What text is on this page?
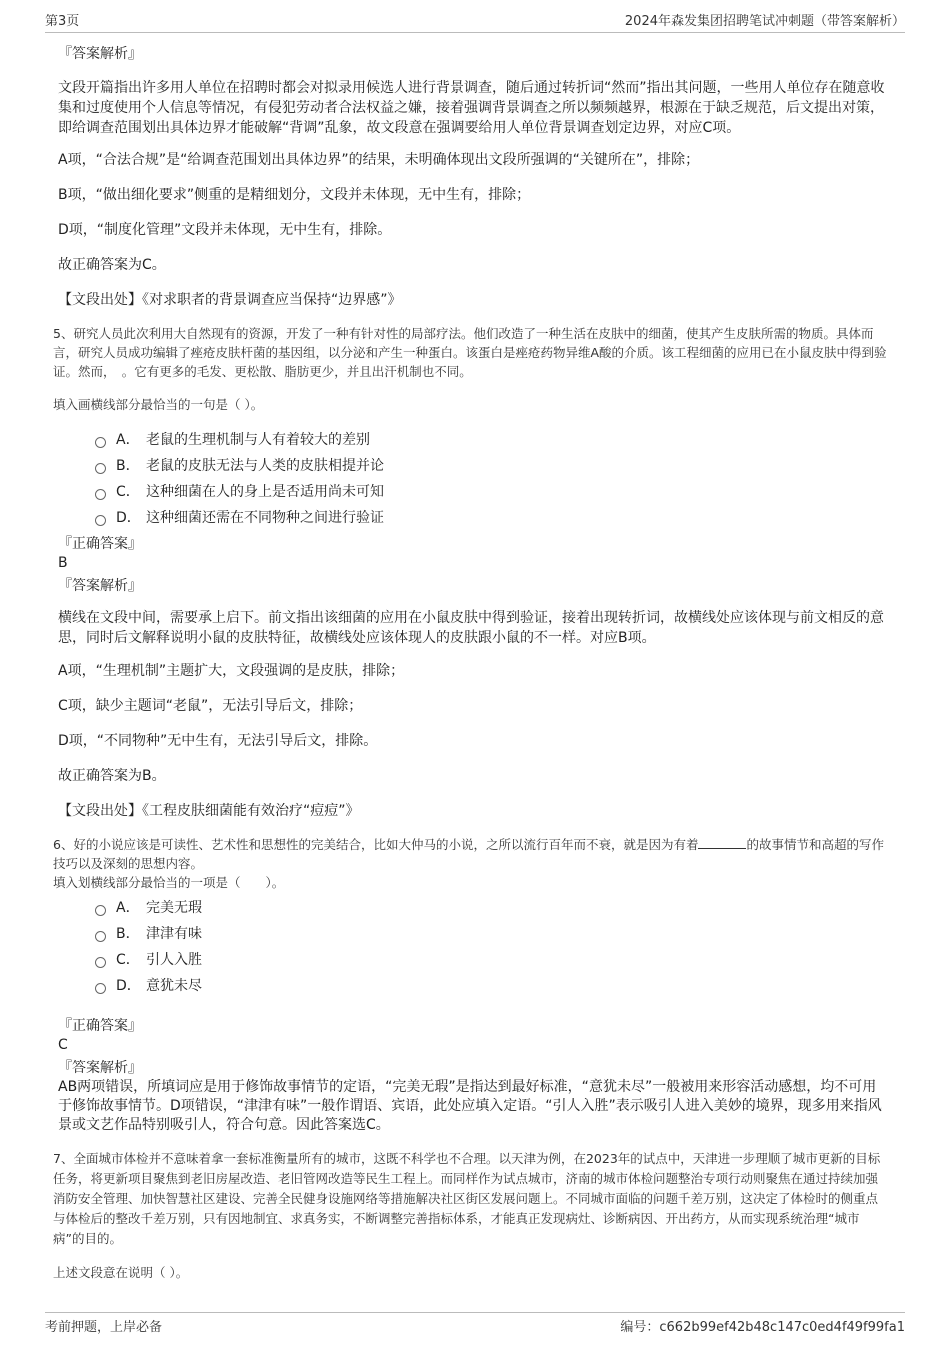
第3页	2024年森发集团招聘笔试冲刺题（带答案解析）
『答案解析』
文段开篇指出许多用人单位在招聘时都会对拟录用候选人进行背景调查，随后通过转折词“然而”指出其问题，一些用人单位存在随意收集和过度使用个人信息等情况，有侵犯劳动者合法权益之嫌，接着强调背景调查之所以频频越界，根源在于缺乏规范，后文提出对策，即给调查范围划出具体边界才能破解“背调”乱象，故文段意在强调要给用人单位背景调查划定边界，对应C项。
A项，“合法合规”是“给调查范围划出具体边界”的结果，未明确体现出文段所强调的“关键所在”，排除；
B项，“做出细化要求”侧重的是精细划分，文段并未体现，无中生有，排除；
D项，“制度化管理”文段并未体现，无中生有，排除。
故正确答案为C。
【文段出处】《对求职者的背景调查应当保持“边界感”》
5、研究人员此次利用大自然现有的资源，开发了一种有针对性的局部疗法。他们改造了一种生活在皮肤中的细菌，使其产生皮肤所需的物质。具体而言，研究人员成功编辑了痤疮皮肤杆菌的基因组，以分泌和产生一种蛋白。该蛋白是痤疮药物异维A酸的介质。该工程细菌的应用已在小鼠皮肤中得到验证。然而，　。它有更多的毛发、更松散、脂肪更少，并且出汗机制也不同。
填入画横线部分最恰当的一句是（ ）。
A． 老鼠的生理机制与人有着较大的差别
B． 老鼠的皮肤无法与人类的皮肤相提并论
C． 这种细菌在人的身上是否适用尚未可知
D． 这种细菌还需在不同物种之间进行验证
『正确答案』
B
『答案解析』
横线在文段中间，需要承上启下。前文指出该细菌的应用在小鼠皮肤中得到验证，接着出现转折词，故横线处应该体现与前文相反的意思，同时后文解释说明小鼠的皮肤特征，故横线处应该体现人的皮肤跟小鼠的不一样。对应B项。
A项，“生理机制”主题扩大，文段强调的是皮肤，排除；
C项，缺少主题词“老鼠”，无法引导后文，排除；
D项，“不同物种”无中生有，无法引导后文，排除。
故正确答案为B。
【文段出处】《工程皮肤细菌能有效治疗“痘痘”》
6、好的小说应该是可读性、艺术性和思想性的完美结合，比如大仲马的小说，之所以流行百年而不衰，就是因为有着	的故事情节和高超的写作技巧以及深刻的思想内容。
填入划横线部分最恰当的一项是（　　）。
A． 完美无瑕
B． 津津有味
C． 引人入胜
D． 意犹未尽
『正确答案』
C
『答案解析』
AB两项错误，所填词应是用于修饰故事情节的定语，“完美无瑕”是指达到最好标准，“意犹未尽”一般被用来形容活动感想，均不可用于修饰故事情节。D项错误，“津津有味”一般作谓语、宾语，此处应填入定语。“引人入胜”表示吸引人进入美妙的境界，现多用来指风景或文艺作品特别吸引人，符合句意。因此答案选C。
7、全面城市体检并不意味着拿一套标准衡量所有的城市，这既不科学也不合理。以天津为例，在2023年的试点中，天津进一步理顺了城市更新的目标任务，将更新项目聚焦到老旧房屋改造、老旧管网改造等民生工程上。而同样作为试点城市，济南的城市体检问题整治专项行动则聚焦在通过持续加强消防安全管理、加快智慧社区建设、完善全民健身设施网络等措施解决社区街区发展问题上。不同城市面临的问题千差万别，这决定了体检时的侧重点与体检后的整改千差万别，只有因地制宜、求真务实，不断调整完善指标体系，才能真正发现病灶、诊断病因、开出药方，从而实现系统治理“城市病”的目的。
上述文段意在说明（ ）。
考前押题，上岸必备	编号：c662b99ef42b48c147c0ed4f49f99fa1
